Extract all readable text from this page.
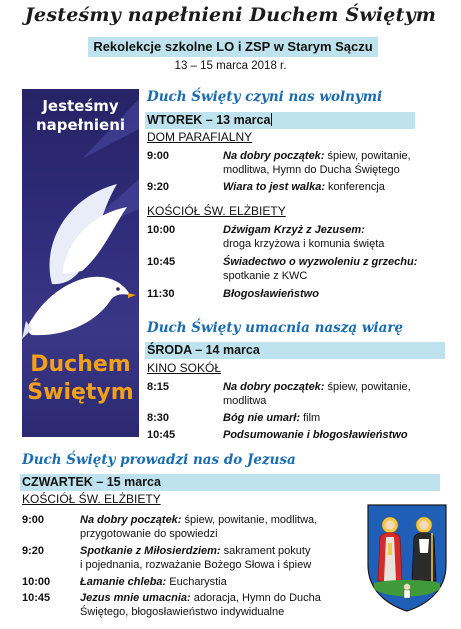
Jesteśmy napełnieni Duchem Świętym
Rekolekcje szkolne LO i ZSP w Starym Sączu
13 – 15 marca 2018 r.
Jesteśmy
napełnieni
Duchem
Świętym
Duch Święty czyni nas wolnymi
WTOREK – 13 marca
DOM PARAFIALNY
9:00	Na dobry początek: śpiew, powitanie,
modlitwa, Hymn do Ducha Świętego
9:20	Wiara to jest walka: konferencja
KOŚCIÓŁ ŚW. ELŻBIETY
10:00	Dźwigam Krzyż z Jezusem:
droga krzyżowa i komunia święta
10:45	Świadectwo o wyzwoleniu z grzechu:
spotkanie z KWC
11:30	Błogosławieństwo
Duch Święty umacnia naszą wiarę
ŚRODA – 14 marca
KINO SOKÓŁ
8:15	Na dobry początek: śpiew, powitanie,
modlitwa
8:30	Bóg nie umarł: film
10:45	Podsumowanie i błogosławieństwo
Duch Święty prowadzi nas do Jezusa
CZWARTEK – 15 marca
KOŚCIÓŁ ŚW. ELŻBIETY
9:00	Na dobry początek: śpiew, powitanie, modlitwa,
przygotowanie do spowiedzi
9:20	Spotkanie z Miłosierdziem: sakrament pokuty
i pojednania, rozważanie Bożego Słowa i śpiew
10:00	Łamanie chleba: Eucharystia
10:45	Jezus mnie umacnia: adoracja, Hymn do Ducha
Świętego, błogosławieństwo indywidualne
